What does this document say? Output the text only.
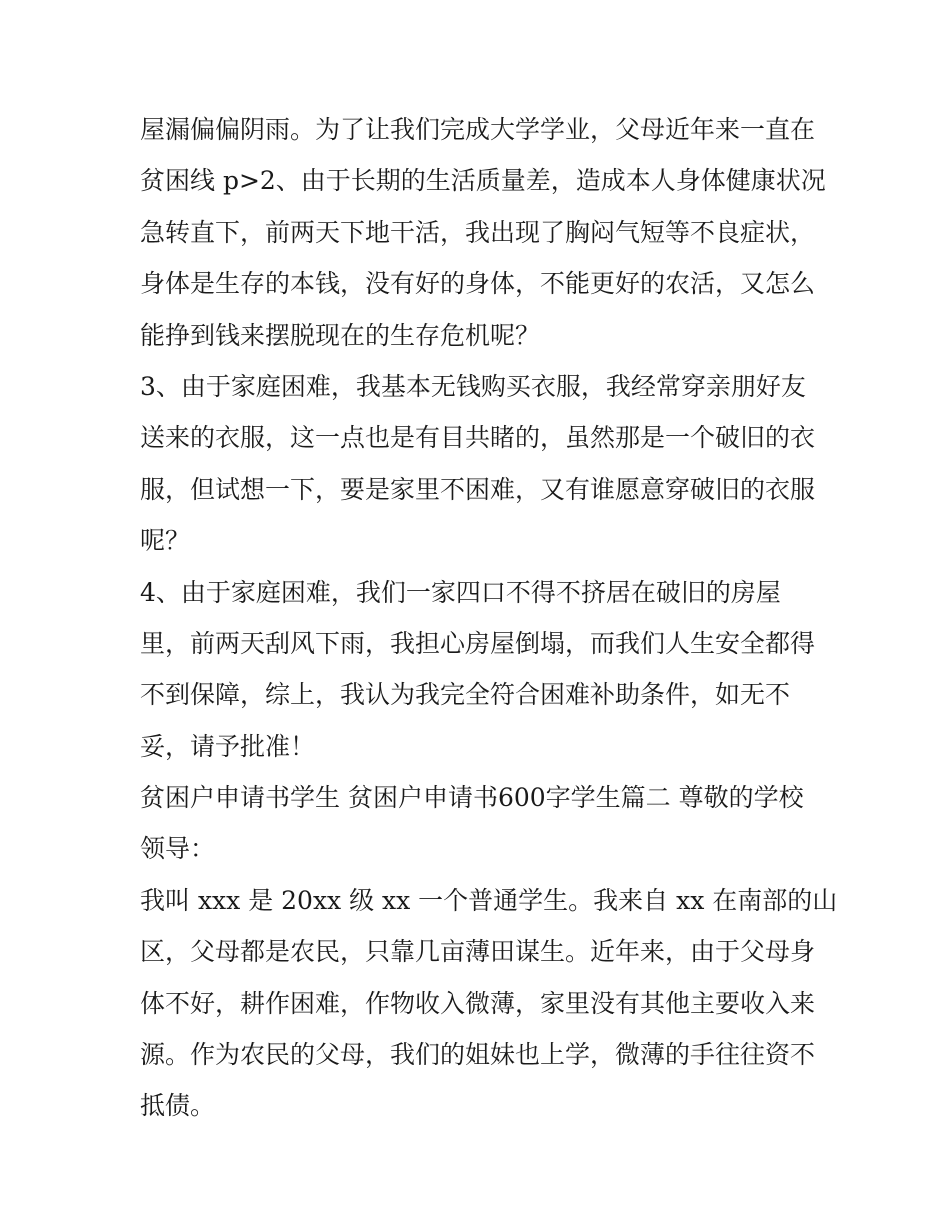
屋漏偏偏阴雨。为了让我们完成大学学业，父母近年来一直在
贫困线 p>2、由于长期的生活质量差，造成本人身体健康状况
急转直下，前两天下地干活，我出现了胸闷气短等不良症状，
身体是生存的本钱，没有好的身体，不能更好的农活，又怎么
能挣到钱来摆脱现在的生存危机呢？
3、由于家庭困难，我基本无钱购买衣服，我经常穿亲朋好友
送来的衣服，这一点也是有目共睹的，虽然那是一个破旧的衣
服，但试想一下，要是家里不困难，又有谁愿意穿破旧的衣服
呢？
4、由于家庭困难，我们一家四口不得不挤居在破旧的房屋
里，前两天刮风下雨，我担心房屋倒塌，而我们人生安全都得
不到保障，综上，我认为我完全符合困难补助条件，如无不
妥，请予批准！
贫困户申请书学生 贫困户申请书600字学生篇二 尊敬的学校
领导：
我叫 xxx 是 20xx 级 xx 一个普通学生。我来自 xx 在南部的山
区，父母都是农民，只靠几亩薄田谋生。近年来，由于父母身
体不好，耕作困难，作物收入微薄，家里没有其他主要收入来
源。作为农民的父母，我们的姐妹也上学，微薄的手往往资不
抵债。
